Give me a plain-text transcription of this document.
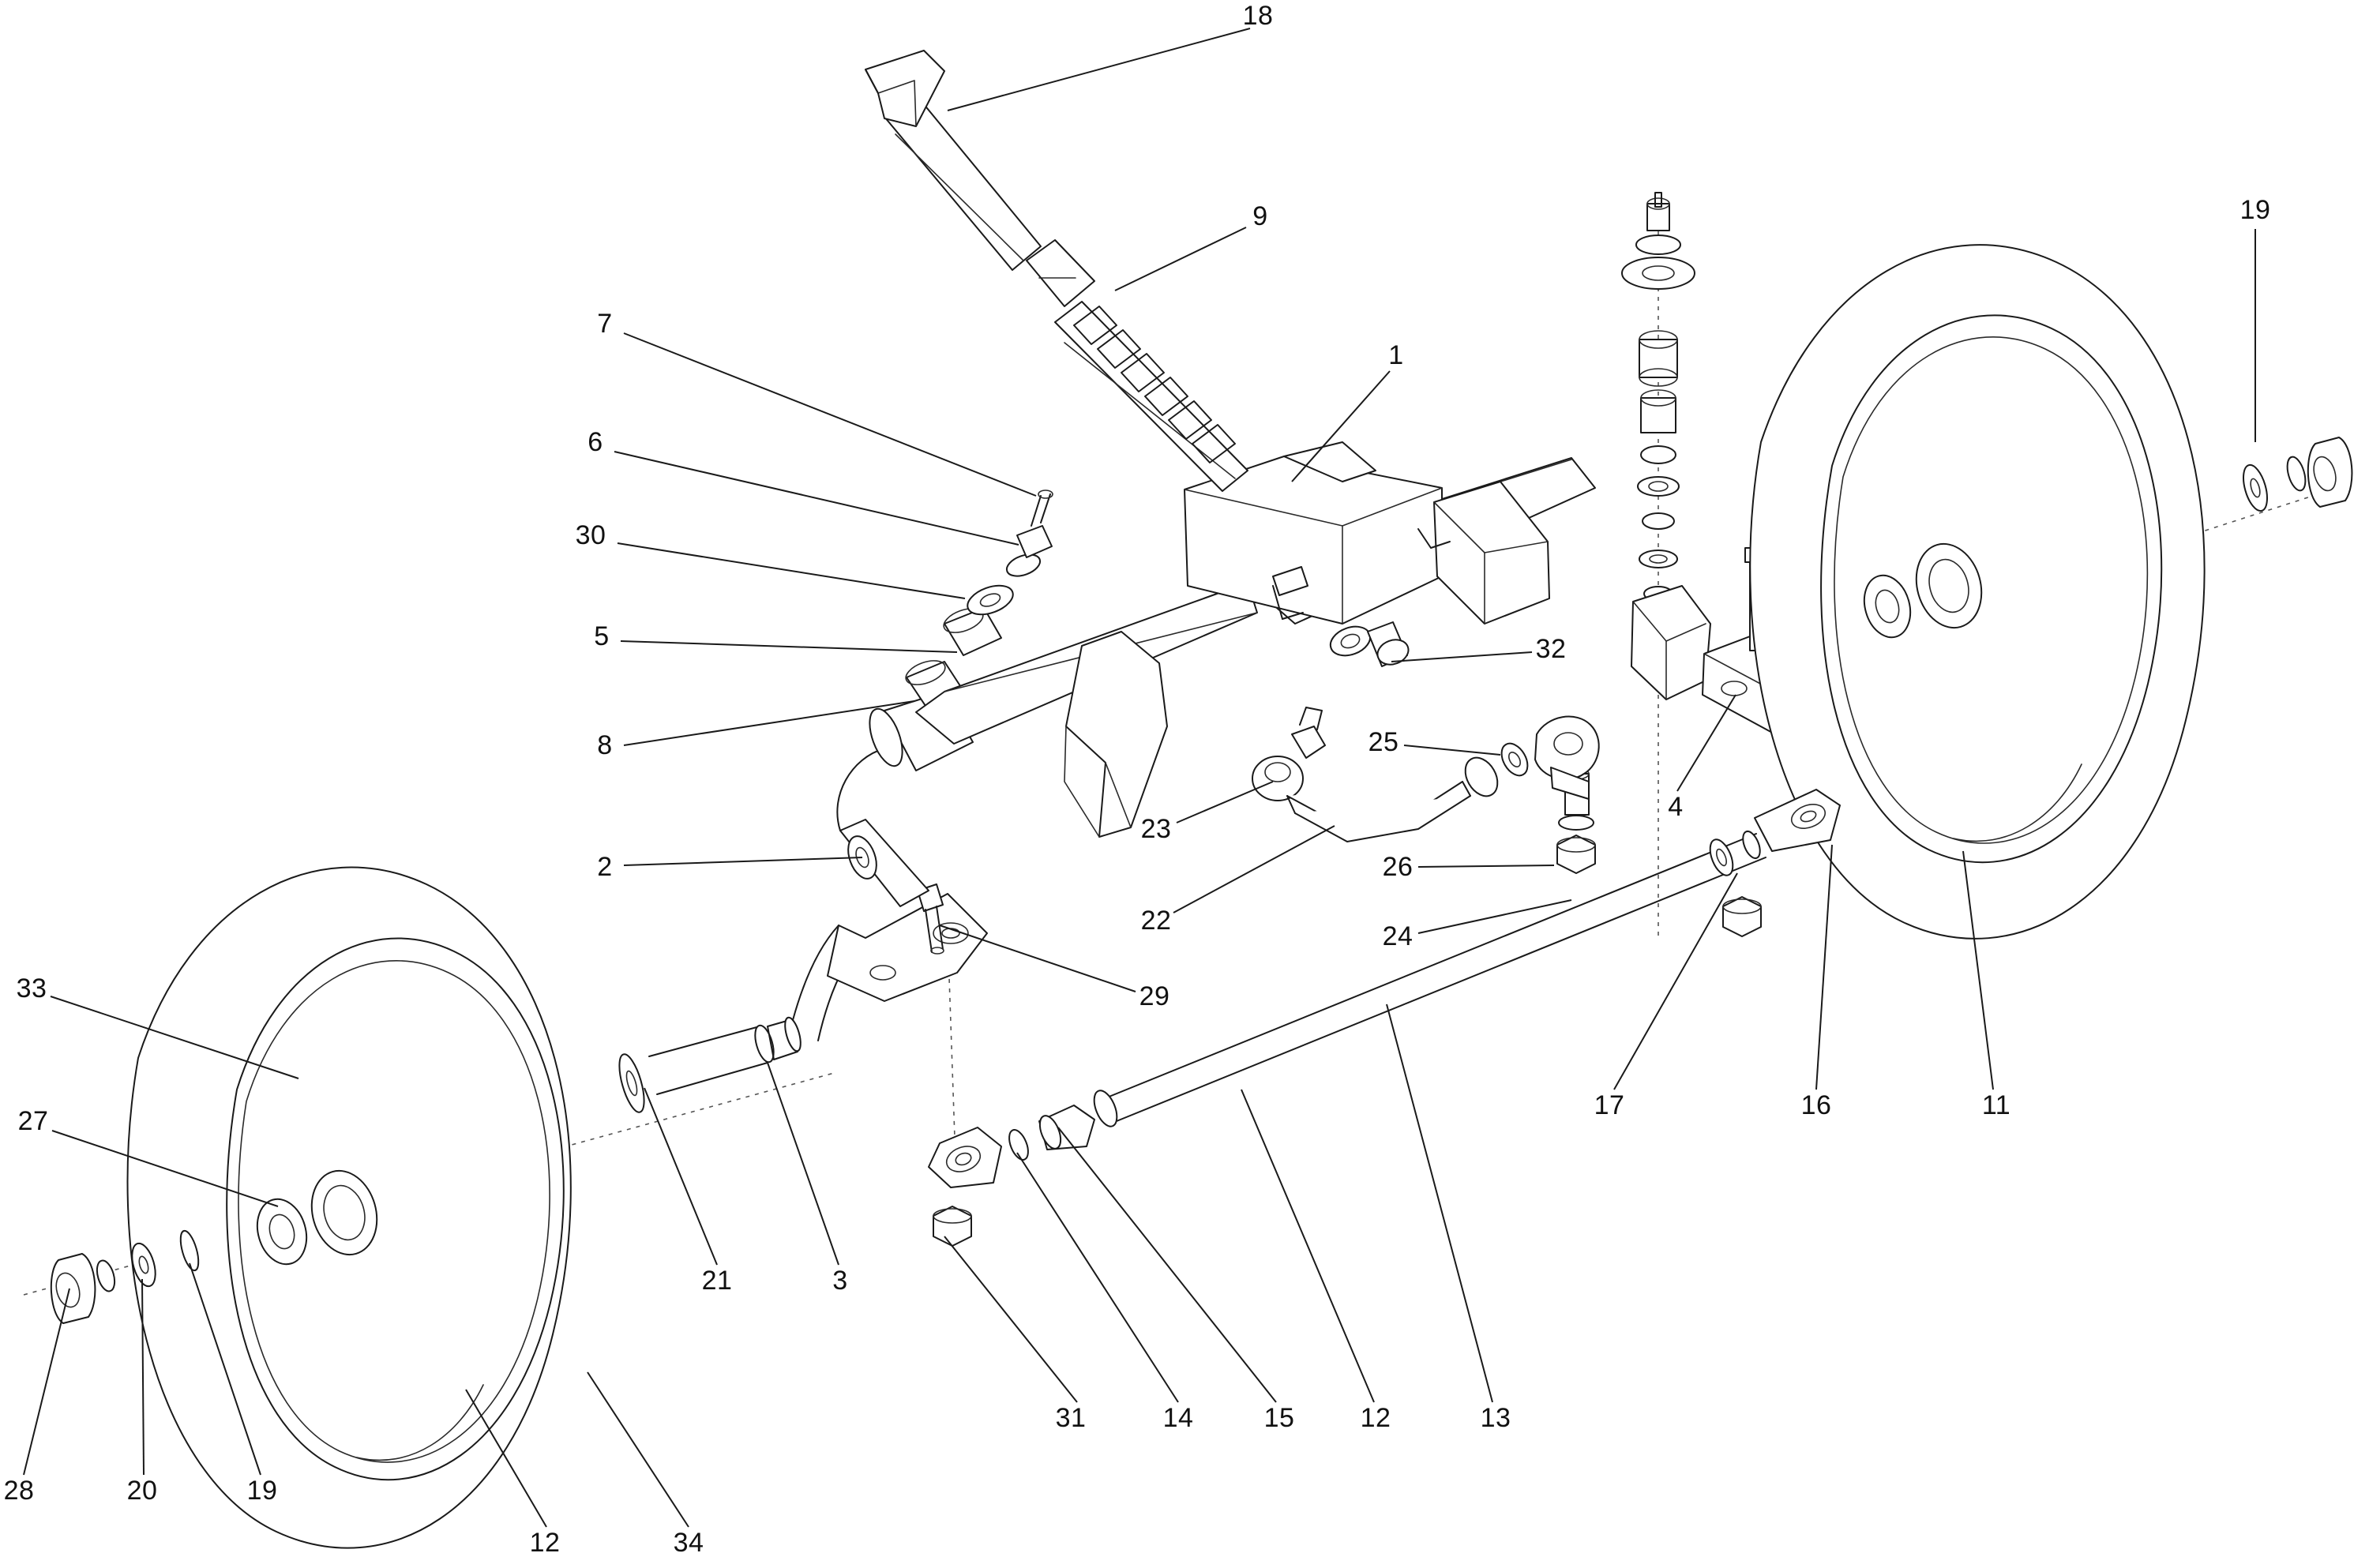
18
9
1
19
7
6
30
5
8
2
32
25
23
22
26
24
29
4
17	16	11
33
27
21	3
31	14	15 12	13
28	20	19
12	34
